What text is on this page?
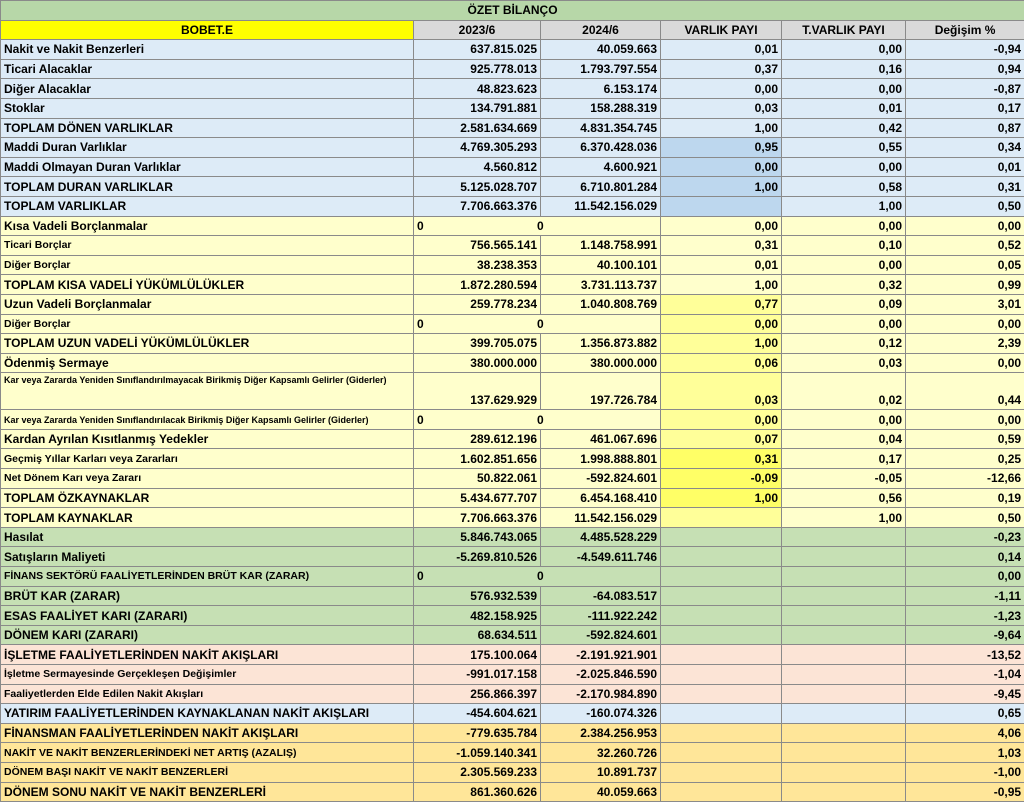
ÖZET BİLANÇO					
BOBET.E	2023/6	2024/6	VARLIK PAYI	T.VARLIK PAYI	Değişim %
Nakit ve Nakit Benzerleri	637.815.025	40.059.663	0,01	0,00	-0,94
Ticari Alacaklar	925.778.013	1.793.797.554	0,37	0,16	0,94
Diğer Alacaklar	48.823.623	6.153.174	0,00	0,00	-0,87
Stoklar	134.791.881	158.288.319	0,03	0,01	0,17
TOPLAM DÖNEN VARLIKLAR	2.581.634.669	4.831.354.745	1,00	0,42	0,87
Maddi Duran Varlıklar	4.769.305.293	6.370.428.036	0,95	0,55	0,34
Maddi Olmayan Duran Varlıklar	4.560.812	4.600.921	0,00	0,00	0,01
TOPLAM DURAN VARLIKLAR	5.125.028.707	6.710.801.284	1,00	0,58	0,31
TOPLAM VARLIKLAR	7.706.663.376	11.542.156.029		1,00	0,50
Kısa Vadeli Borçlanmalar	0 0		0,00	0,00	0,00
Ticari Borçlar	756.565.141	1.148.758.991	0,31	0,10	0,52
Diğer Borçlar	38.238.353	40.100.101	0,01	0,00	0,05
TOPLAM KISA VADELİ YÜKÜMLÜLÜKLER	1.872.280.594	3.731.113.737	1,00	0,32	0,99
Uzun Vadeli Borçlanmalar	259.778.234	1.040.808.769	0,77	0,09	3,01
Diğer Borçlar	0 0		0,00	0,00	0,00
TOPLAM UZUN VADELİ YÜKÜMLÜLÜKLER	399.705.075	1.356.873.882	1,00	0,12	2,39
Ödenmiş Sermaye	380.000.000	380.000.000	0,06	0,03	0,00
Kar veya Zararda Yeniden Sınıflandırılmayacak Birikmiş Diğer Kapsamlı Gelirler (Giderler)	137.629.929	197.726.784	0,03	0,02	0,44
Kar veya Zararda Yeniden Sınıflandırılacak Birikmiş Diğer Kapsamlı Gelirler (Giderler)	0 0		0,00	0,00	0,00
Kardan Ayrılan Kısıtlanmış Yedekler	289.612.196	461.067.696	0,07	0,04	0,59
Geçmiş Yıllar Karları veya Zararları	1.602.851.656	1.998.888.801	0,31	0,17	0,25
Net Dönem Karı veya Zararı	50.822.061	-592.824.601	-0,09	-0,05	-12,66
TOPLAM ÖZKAYNAKLAR	5.434.677.707	6.454.168.410	1,00	0,56	0,19
TOPLAM KAYNAKLAR	7.706.663.376	11.542.156.029		1,00	0,50
Hasılat	5.846.743.065	4.485.528.229			-0,23
Satışların Maliyeti	-5.269.810.526	-4.549.611.746			0,14
FİNANS SEKTÖRÜ FAALİYETLERİNDEN BRÜT KAR (ZARAR)	0 0				0,00
BRÜT KAR (ZARAR)	576.932.539	-64.083.517			-1,11
ESAS FAALİYET KARI (ZARARI)	482.158.925	-111.922.242			-1,23
DÖNEM KARI (ZARARI)	68.634.511	-592.824.601			-9,64
İŞLETME FAALİYETLERİNDEN NAKİT AKIŞLARI	175.100.064	-2.191.921.901			-13,52
İşletme Sermayesinde Gerçekleşen Değişimler	-991.017.158	-2.025.846.590			-1,04
Faaliyetlerden Elde Edilen Nakit Akışları	256.866.397	-2.170.984.890			-9,45
YATIRIM FAALİYETLERİNDEN KAYNAKLANAN NAKİT AKIŞLARI	-454.604.621	-160.074.326			0,65
FİNANSMAN FAALİYETLERİNDEN NAKİT AKIŞLARI	-779.635.784	2.384.256.953			4,06
NAKİT VE NAKİT BENZERLERİNDEKİ NET ARTIŞ (AZALIŞ)	-1.059.140.341	32.260.726			1,03
DÖNEM BAŞI NAKİT VE NAKİT BENZERLERİ	2.305.569.233	10.891.737			-1,00
DÖNEM SONU NAKİT VE NAKİT BENZERLERİ	861.360.626	40.059.663			-0,95
